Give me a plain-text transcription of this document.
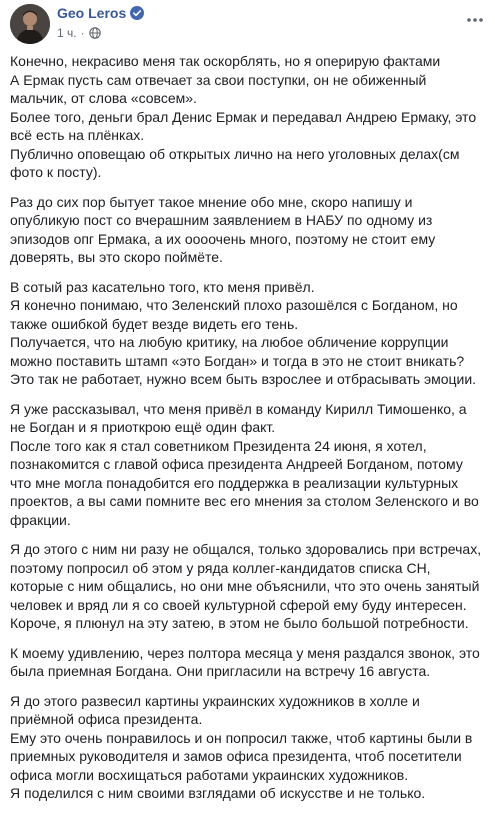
Geo Leros
1 ч. ·
Конечно, некрасиво меня так оскорблять, но я оперирую фактами
А Ермак пусть сам отвечает за свои поступки, он не обиженный мальчик, от слова «совсем».
Более того, деньги брал Денис Ермак и передавал Андрею Ермаку, это всё есть на плёнках.
Публично оповещаю об открытых лично на него уголовных делах(см фото к посту).
Раз до сих пор бытует такое мнение обо мне, скоро напишу и опубликую пост со вчерашним заявлением в НАБУ по одному из эпизодов опг Ермака, а их оооочень много, поэтому не стоит ему доверять, вы это скоро поймёте.
В сотый раз касательно того, кто меня привёл.
Я конечно понимаю, что Зеленский плохо разошёлся с Богданом, но также ошибкой будет везде видеть его тень.
Получается, что на любую критику, на любое обличение коррупции можно поставить штамп «это Богдан» и тогда в это не стоит вникать?
Это так не работает, нужно всем быть взрослее и отбрасывать эмоции.
Я уже рассказывал, что меня привёл в команду Кирилл Тимошенко, а не Богдан и я приоткрою ещё один факт.
После того как я стал советником Президента 24 июня, я хотел, познакомится с главой офиса президента Андреей Богданом, потому что мне могла понадобится его поддержка в реализации культурных проектов, а вы сами помните вес его мнения за столом Зеленского и во фракции.
Я до этого с ним ни разу не общался, только здоровались при встречах, поэтому попросил об этом у ряда коллег-кандидатов списка СН, которые с ним общались, но они мне объяснили, что это очень занятый человек и вряд ли я со своей культурной сферой ему буду интересен.
Короче, я плюнул на эту затею, в этом не было большой потребности.
К моему удивлению, через полтора месяца у меня раздался звонок, это была приемная Богдана. Они пригласили на встречу 16 августа.
Я до этого развесил картины украинских художников в холле и приёмной офиса президента.
Ему это очень понравилось и он попросил также, чтоб картины были в приемных руководителя и замов офиса президента, чтоб посетители офиса могли восхищаться работами украинских художников.
Я поделился с ним своими взглядами об искусстве и не только.
